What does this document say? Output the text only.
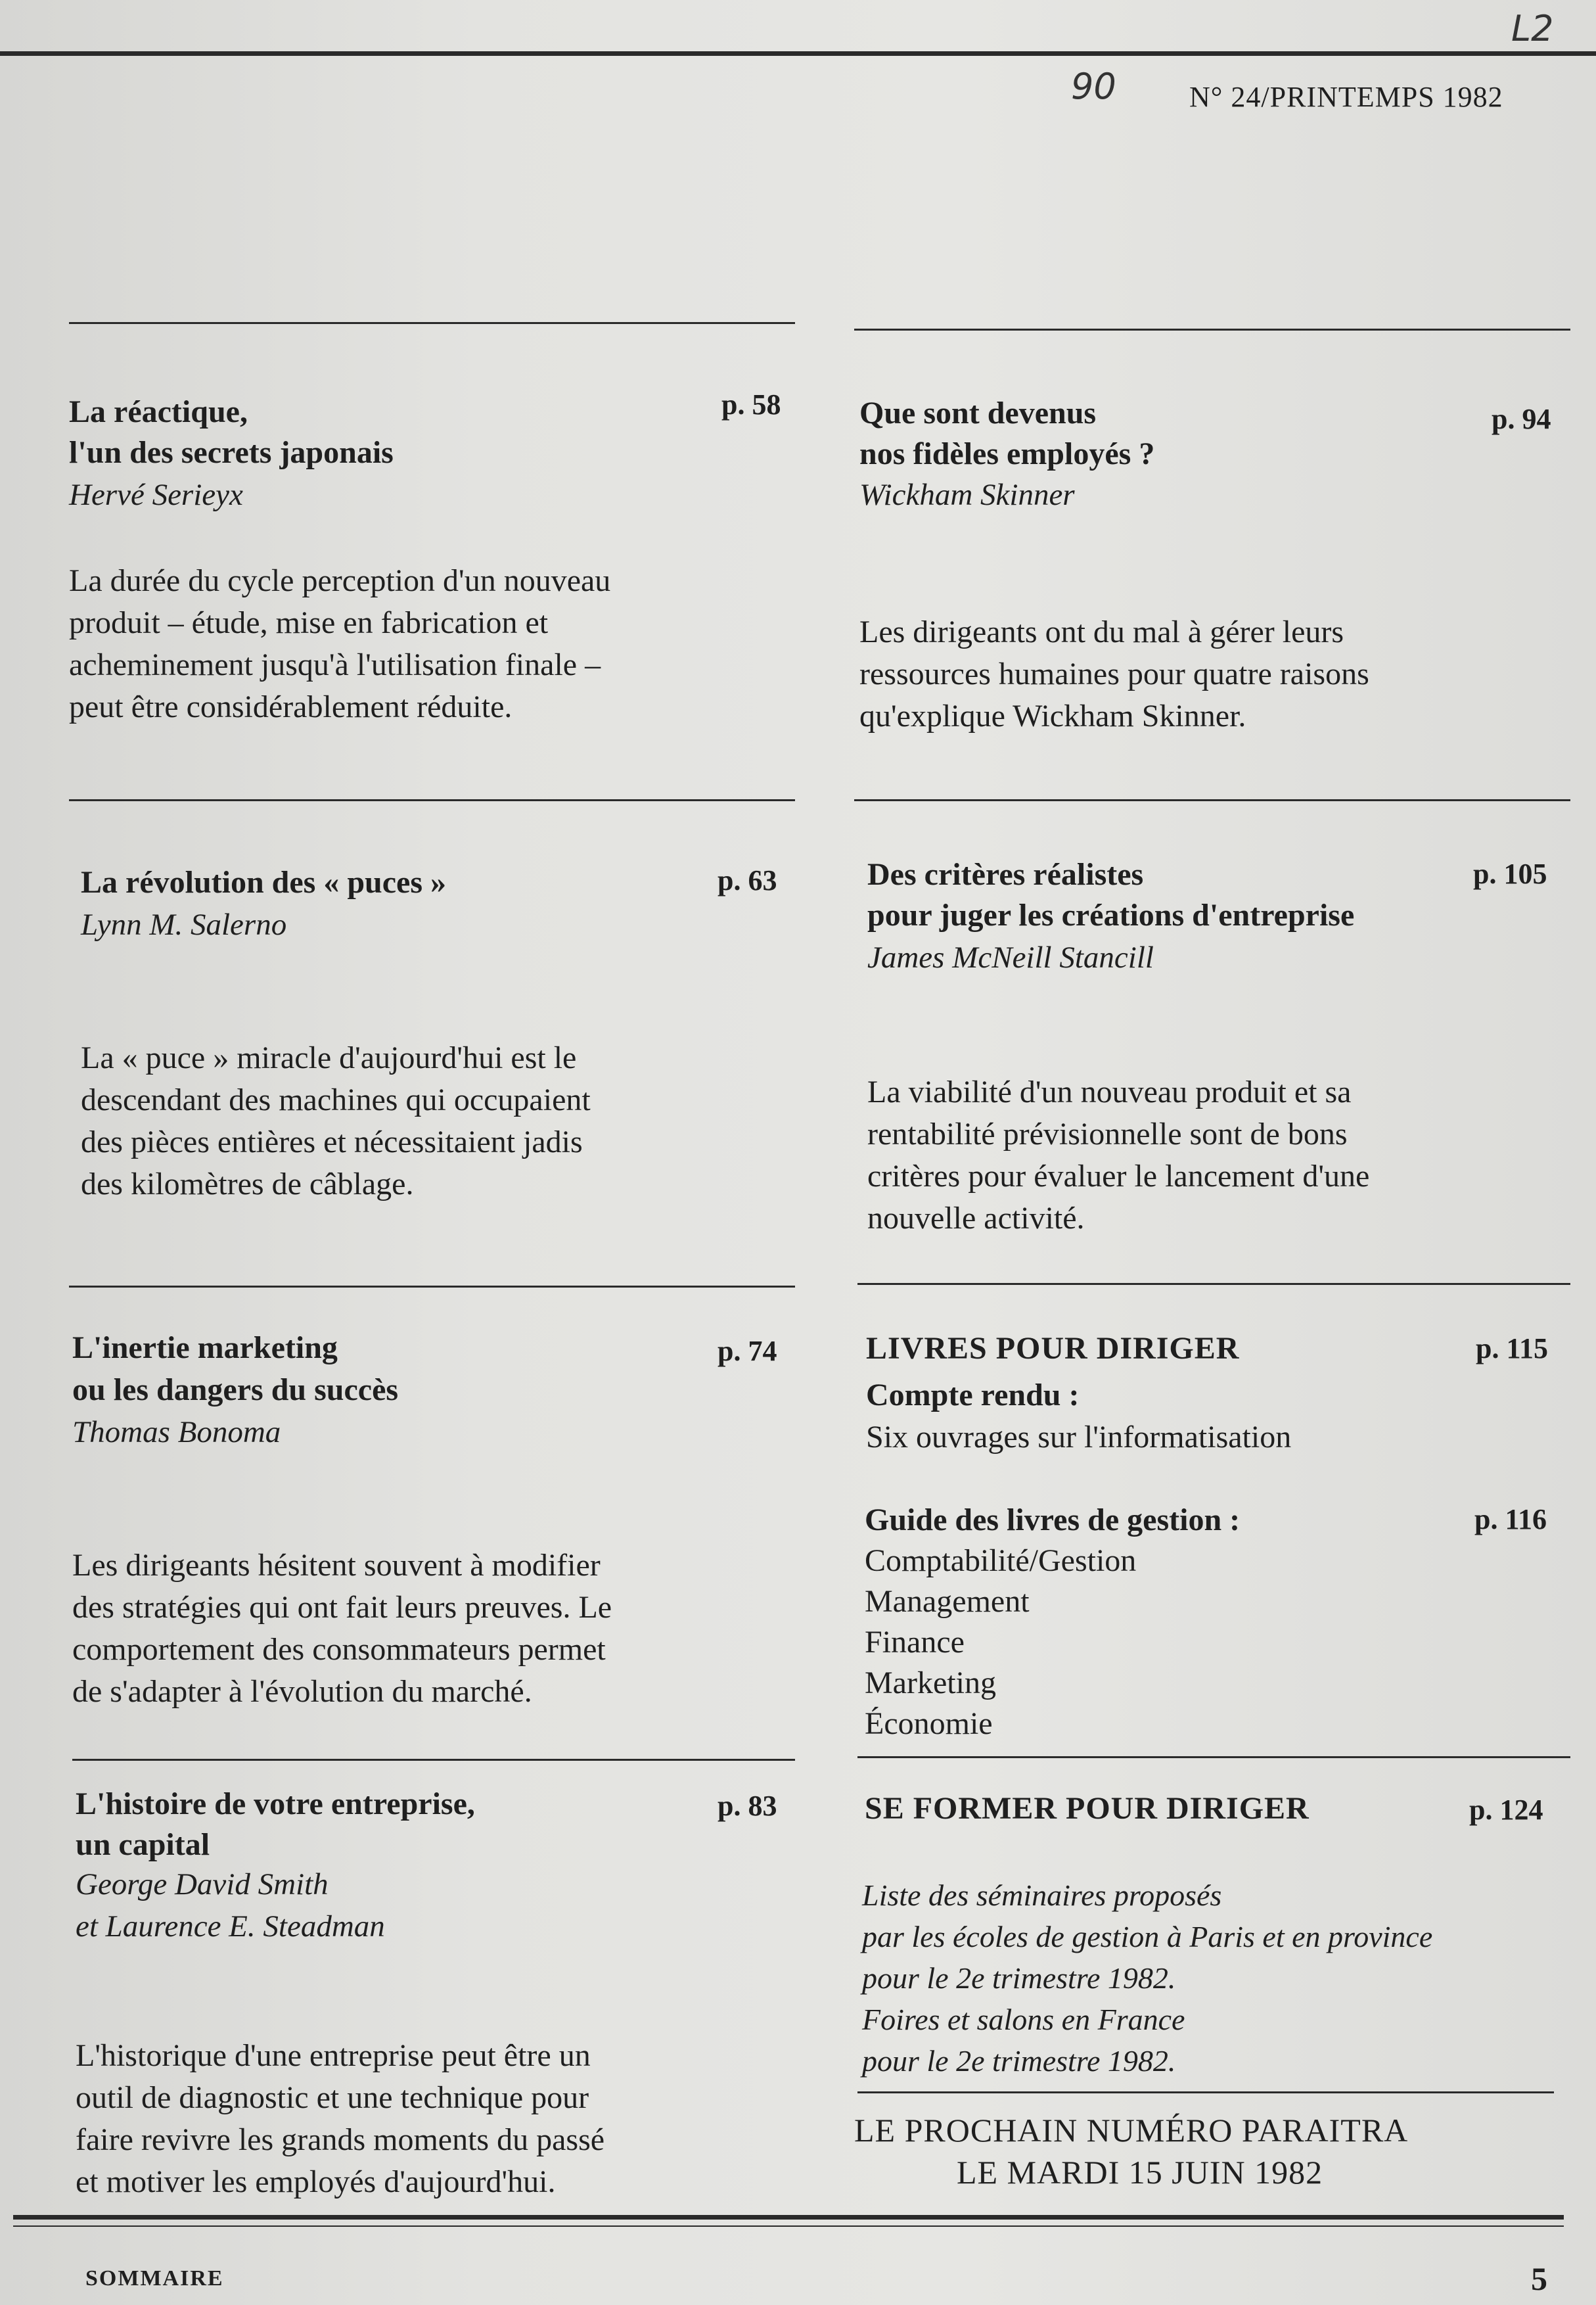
L2
90	N° 24/PRINTEMPS 1982
La réactique,
l'un des secrets japonais
p. 58
Hervé Serieyx
La durée du cycle perception d'un nouveau
produit – étude, mise en fabrication et
acheminement jusqu'à l'utilisation finale –
peut être considérablement réduite.
La révolution des « puces »	p. 63
Lynn M. Salerno
La « puce » miracle d'aujourd'hui est le
descendant des machines qui occupaient
des pièces entières et nécessitaient jadis
des kilomètres de câblage.
L'inertie marketing
ou les dangers du succès
p. 74
Thomas Bonoma
Les dirigeants hésitent souvent à modifier
des stratégies qui ont fait leurs preuves. Le
comportement des consommateurs permet
de s'adapter à l'évolution du marché.
L'histoire de votre entreprise,
un capital
p. 83
George David Smith
et Laurence E. Steadman
L'historique d'une entreprise peut être un
outil de diagnostic et une technique pour
faire revivre les grands moments du passé
et motiver les employés d'aujourd'hui.
Que sont devenus
nos fidèles employés ?
p. 94
Wickham Skinner
Les dirigeants ont du mal à gérer leurs
ressources humaines pour quatre raisons
qu'explique Wickham Skinner.
Des critères réalistes
pour juger les créations d'entreprise
p. 105
James McNeill Stancill
La viabilité d'un nouveau produit et sa
rentabilité prévisionnelle sont de bons
critères pour évaluer le lancement d'une
nouvelle activité.
LIVRES POUR DIRIGER	p. 115
Compte rendu :
Six ouvrages sur l'informatisation
Guide des livres de gestion :	p. 116
Comptabilité/Gestion
Management
Finance
Marketing
Économie
SE FORMER POUR DIRIGER	p. 124
Liste des séminaires proposés
par les écoles de gestion à Paris et en province
pour le 2e trimestre 1982.
Foires et salons en France
pour le 2e trimestre 1982.
LE PROCHAIN NUMÉRO PARAITRA
LE MARDI 15 JUIN 1982
SOMMAIRE	5
